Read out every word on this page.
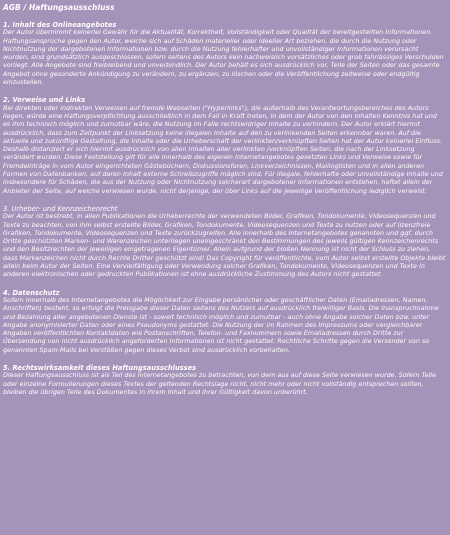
AGB / Haftungsausschluss
1. Inhalt des Onlineangebotes
Der Autor übernimmt keinerlei Gewähr für die Aktualität, Korrektheit, Vollständigkeit oder Qualität der bereitgestellten Informationen. Haftungsansprüche gegen den Autor, welche sich auf Schäden materieller oder ideeller Art beziehen, die durch die Nutzung oder Nichtnutzung der dargebotenen Informationen bzw. durch die Nutzung fehlerhafter und unvollständiger Informationen verursacht wurden, sind grundsätzlich ausgeschlossen, sofern seitens des Autors kein nachweislich vorsätzliches oder grob fahrlässiges Verschulden vorliegt. Alle Angebote sind freibleibend und unverbindlich. Der Autor behält es sich ausdrücklich vor, Teile der Seiten oder das gesamte Angebot ohne gesonderte Ankündigung zu verändern, zu ergänzen, zu löschen oder die Veröffentlichung zeitweise oder endgültig einzustellen.
2. Verweise und Links
Bei direkten oder indirekten Verweisen auf fremde Webseiten ("Hyperlinks"), die außerhalb des Verantwortungsbereiches des Autors liegen, würde eine Haftungsverpflichtung ausschließlich in dem Fall in Kraft treten, in dem der Autor von den Inhalten Kenntnis hat und es ihm technisch möglich und zumutbar wäre, die Nutzung im Falle rechtswidriger Inhalte zu verhindern. Der Autor erklärt hiermit ausdrücklich, dass zum Zeitpunkt der Linksetzung keine illegalen Inhalte auf den zu verlinkenden Seiten erkennbar waren. Auf die aktuelle und zukünftige Gestaltung, die Inhalte oder die Urheberschaft der verlinkten/verknüpften Seiten hat der Autor keinerlei Einfluss. Deshalb distanziert er sich hiermit ausdrücklich von allen Inhalten aller verlinkten /verknüpften Seiten, die nach der Linksetzung verändert wurden. Diese Feststellung gilt für alle innerhalb des eigenen Internetangebotes gesetzten Links und Verweise sowie für Fremdeinträge in vom Autor eingerichteten Gästebüchern, Diskussionsforen, Linkverzeichnissen, Mailinglisten und in allen anderen Formen von Datenbanken, auf deren Inhalt externe Schreibzugriffe möglich sind. Für illegale, fehlerhafte oder unvollständige Inhalte und insbesondere für Schäden, die aus der Nutzung oder Nichtnutzung solcherart dargebotener Informationen entstehen, haftet allein der Anbieter der Seite, auf welche verwiesen wurde, nicht derjenige, der über Links auf die jeweilige Veröffentlichung lediglich verweist.
3. Urheber- und Kennzeichenrecht
Der Autor ist bestrebt, in allen Publikationen die Urheberrechte der verwendeten Bilder, Grafiken, Tondokumente, Videosequenzen und Texte zu beachten, von ihm selbst erstellte Bilder, Grafiken, Tondokumente, Videosequenzen und Texte zu nutzen oder auf lizenzfreie Grafiken, Tondokumente, Videosequenzen und Texte zurückzugreifen. Alle innerhalb des Internetangebotes genannten und ggf. durch Dritte geschützten Marken- und Warenzeichen unterliegen uneingeschränkt den Bestimmungen des jeweils gültigen Kennzeichenrechts und den Besitzrechten der jeweiligen eingetragenen Eigentümer. Allein aufgrund der bloßen Nennung ist nicht der Schluss zu ziehen, dass Markenzeichen nicht durch Rechte Dritter geschützt sind! Das Copyright für veröffentlichte, vom Autor selbst erstellte Objekte bleibt allein beim Autor der Seiten. Eine Vervielfältigung oder Verwendung solcher Grafiken, Tondokumente, Videosequenzen und Texte in anderen elektronischen oder gedruckten Publikationen ist ohne ausdrückliche Zustimmung des Autors nicht gestattet.
4. Datenschutz
Sofern innerhalb des Internetangebotes die Möglichkeit zur Eingabe persönlicher oder geschäftlicher Daten (Emailadressen, Namen, Anschriften) besteht, so erfolgt die Preisgabe dieser Daten seitens des Nutzers auf ausdrücklich freiwilliger Basis. Die Inanspruchnahme und Bezahlung aller angebotenen Dienste ist - soweit technisch möglich und zumutbar - auch ohne Angabe solcher Daten bzw. unter Angabe anonymisierter Daten oder eines Pseudonyms gestattet. Die Nutzung der im Rahmen des Impressums oder vergleichbarer Angaben veröffentlichten Kontaktdaten wie Postanschriften, Telefon- und Faxnummern sowie Emailadressen durch Dritte zur Übersendung von nicht ausdrücklich angeforderten Informationen ist nicht gestattet. Rechtliche Schritte gegen die Versender von so genannten Spam-Mails bei Verstößen gegen dieses Verbot sind ausdrücklich vorbehalten.
5. Rechtswirksamkeit dieses Haftungsausschlusses
Dieser Haftungsausschluss ist als Teil des Internetangebotes zu betrachten, von dem aus auf diese Seite verwiesen wurde. Sofern Teile oder einzelne Formulierungen dieses Textes der geltenden Rechtslage nicht, nicht mehr oder nicht vollständig entsprechen sollten, bleiben die übrigen Teile des Dokumentes in ihrem Inhalt und ihrer Gültigkeit davon unberührt.
